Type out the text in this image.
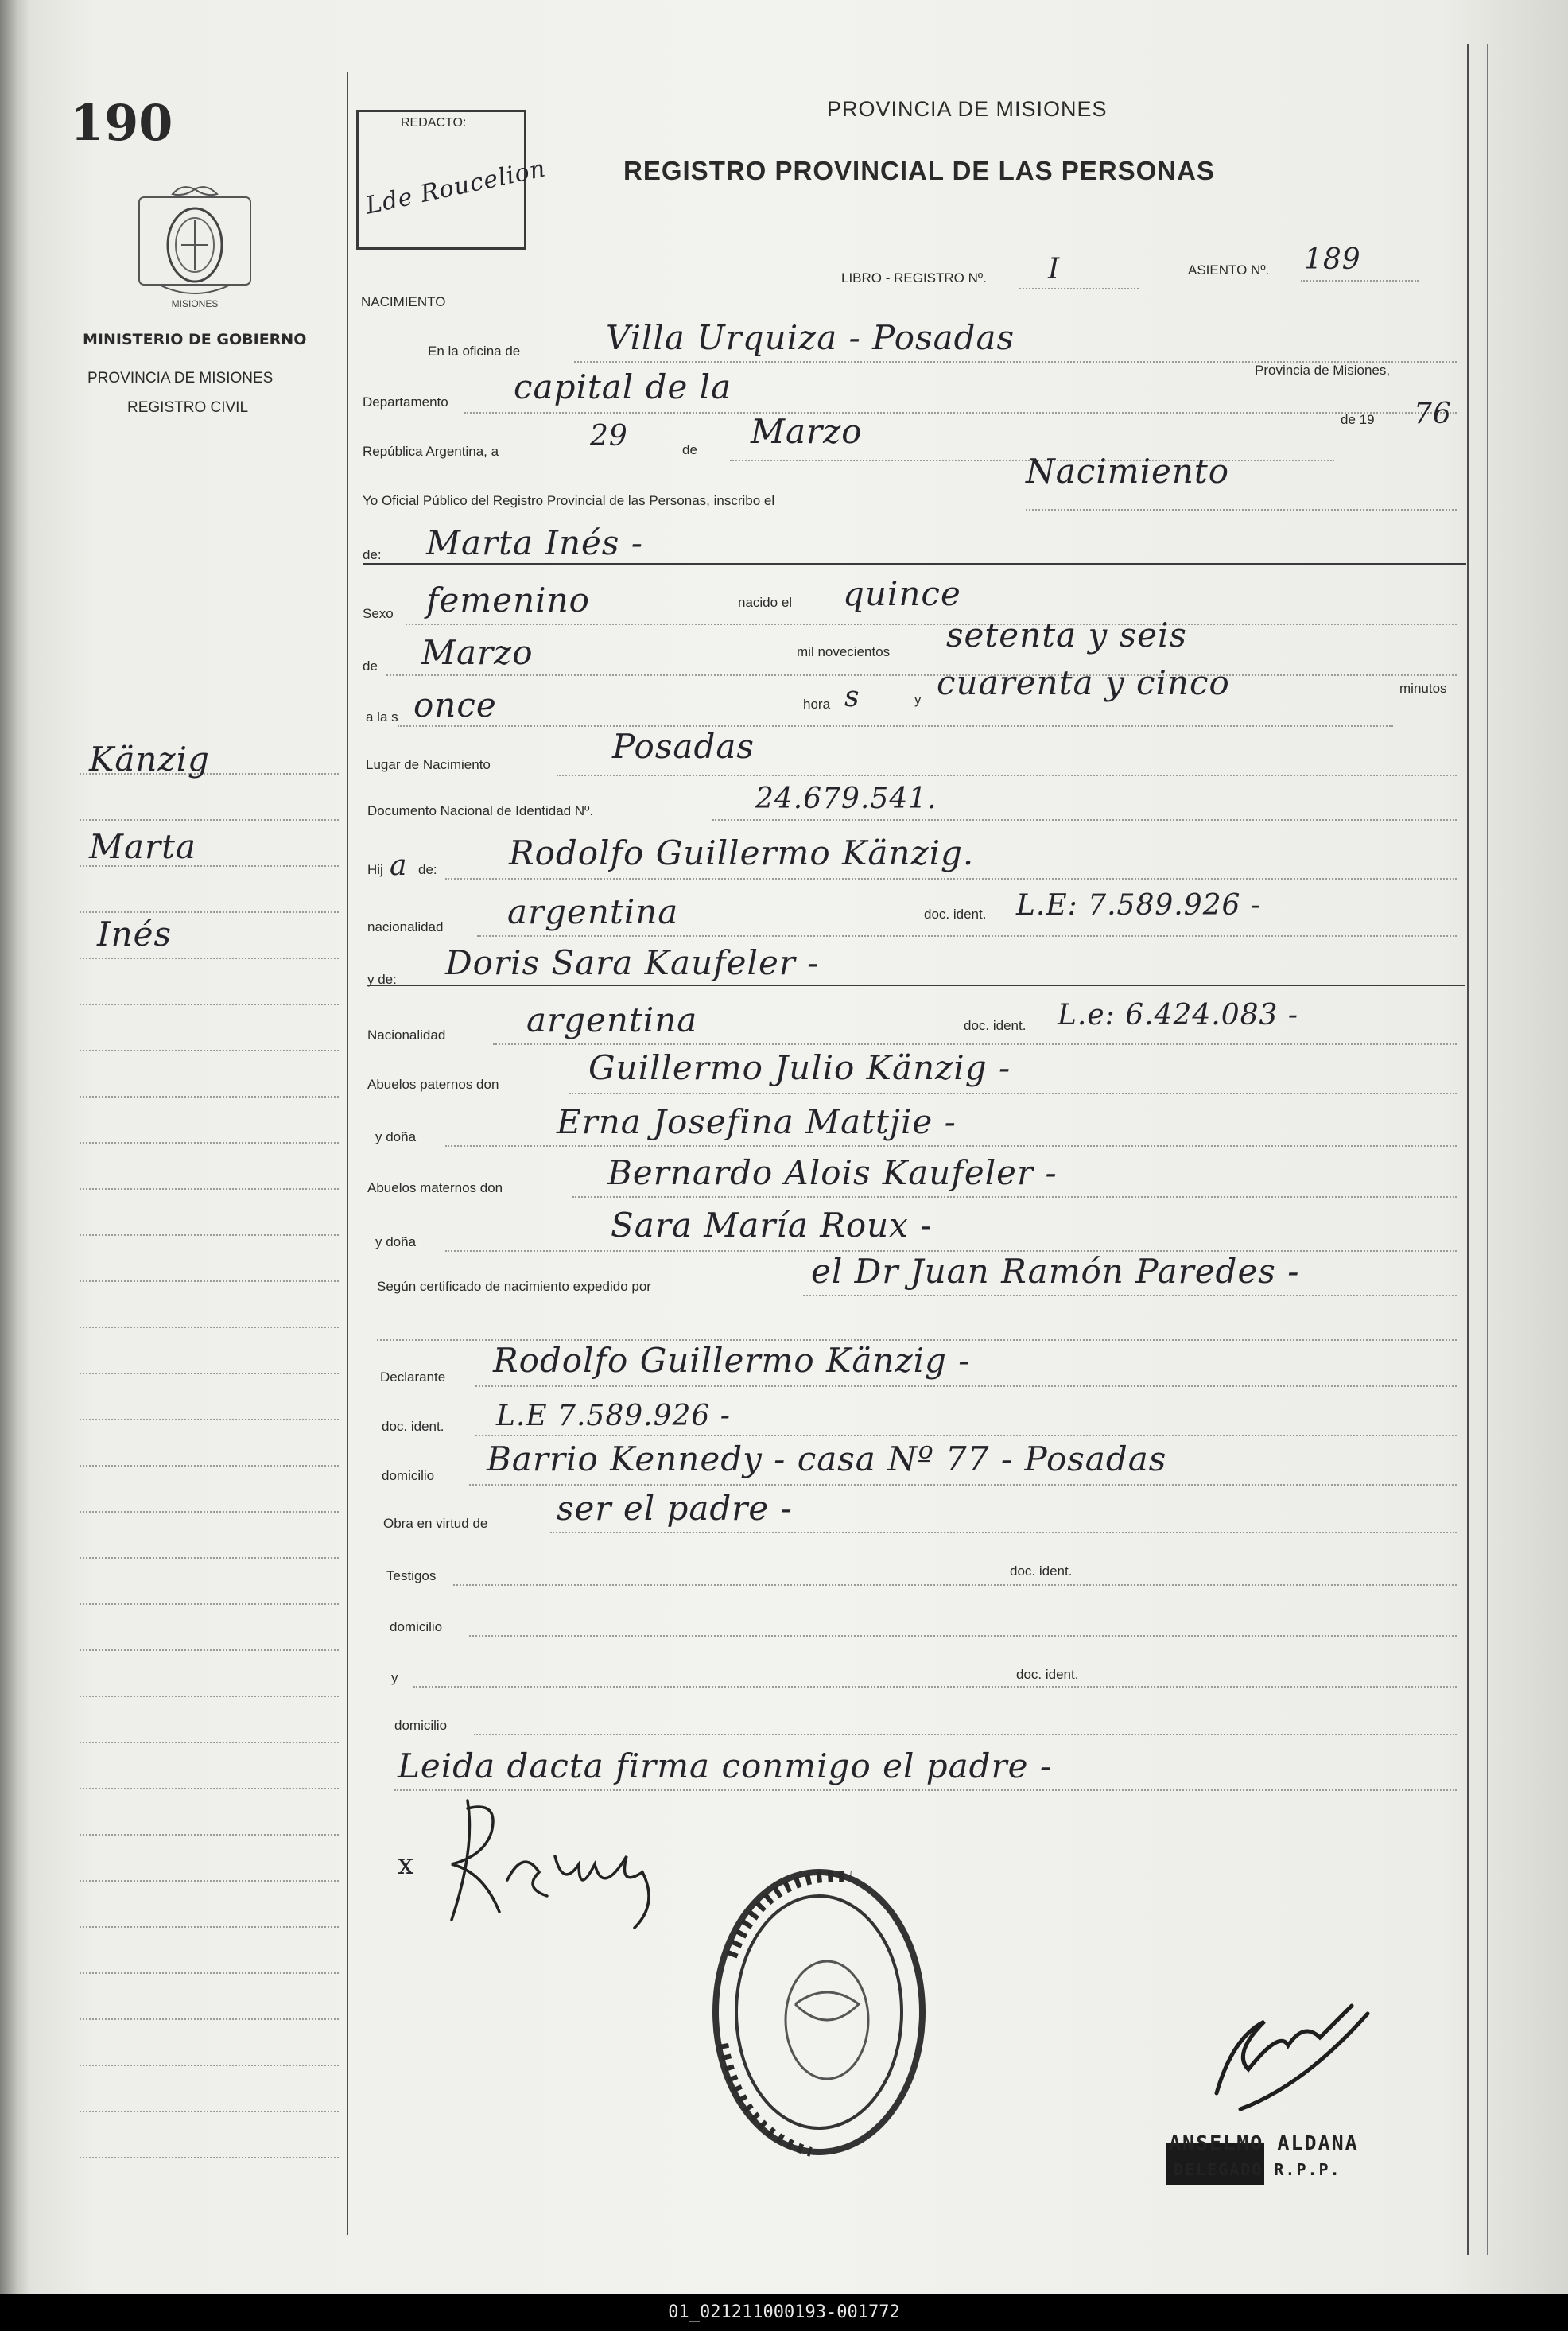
190
MISIONES
MINISTERIO DE GOBIERNO
PROVINCIA DE MISIONES
REGISTRO CIVIL
Känzig
Marta
Inés
REDACTO:
Lde Roucelion
PROVINCIA DE MISIONES
REGISTRO PROVINCIAL DE LAS PERSONAS
LIBRO - REGISTRO Nº. I	ASIENTO Nº. 189
NACIMIENTO
En la oficina de	Villa Urquiza - Posadas
Provincia de Misiones,
Departamento capital de la
República Argentina, a	29	de Marzo	de 19 76
Yo Oficial Público del Registro Provincial de las Personas, inscribo el
Nacimiento
de: Marta Inés -
Sexo femenino	nacido el quince
de Marzo	mil novecientos setenta y seis
a la s once	hora s	y cuarenta y cinco	minutos
Lugar de Nacimiento	Posadas
Documento Nacional de Identidad Nº.	24.679.541.
Hij a de: Rodolfo Guillermo Känzig.
nacionalidad argentina	doc. ident. L.E: 7.589.926 -
y de: Doris Sara Kaufeler -
Nacionalidad argentina	doc. ident. L.e: 6.424.083 -
Abuelos paternos don	Guillermo Julio Känzig -
y doña	Erna Josefina Mattjie -
Abuelos maternos don	Bernardo Alois Kaufeler -
y doña	Sara María Roux -
Según certificado de nacimiento expedido por	el Dr Juan Ramón Paredes -
Declarante Rodolfo Guillermo Känzig -
doc. ident. L.E 7.589.926 -
domicilio Barrio Kennedy - casa Nº 77 - Posadas
Obra en virtud de ser el padre -
Testigos	doc. ident.
domicilio
y	doc. ident.
domicilio
Leida dacta firma conmigo el padre -
x
ANSELMO ALDANA
DELEGADO R.P.P.
01_021211000193-001772
